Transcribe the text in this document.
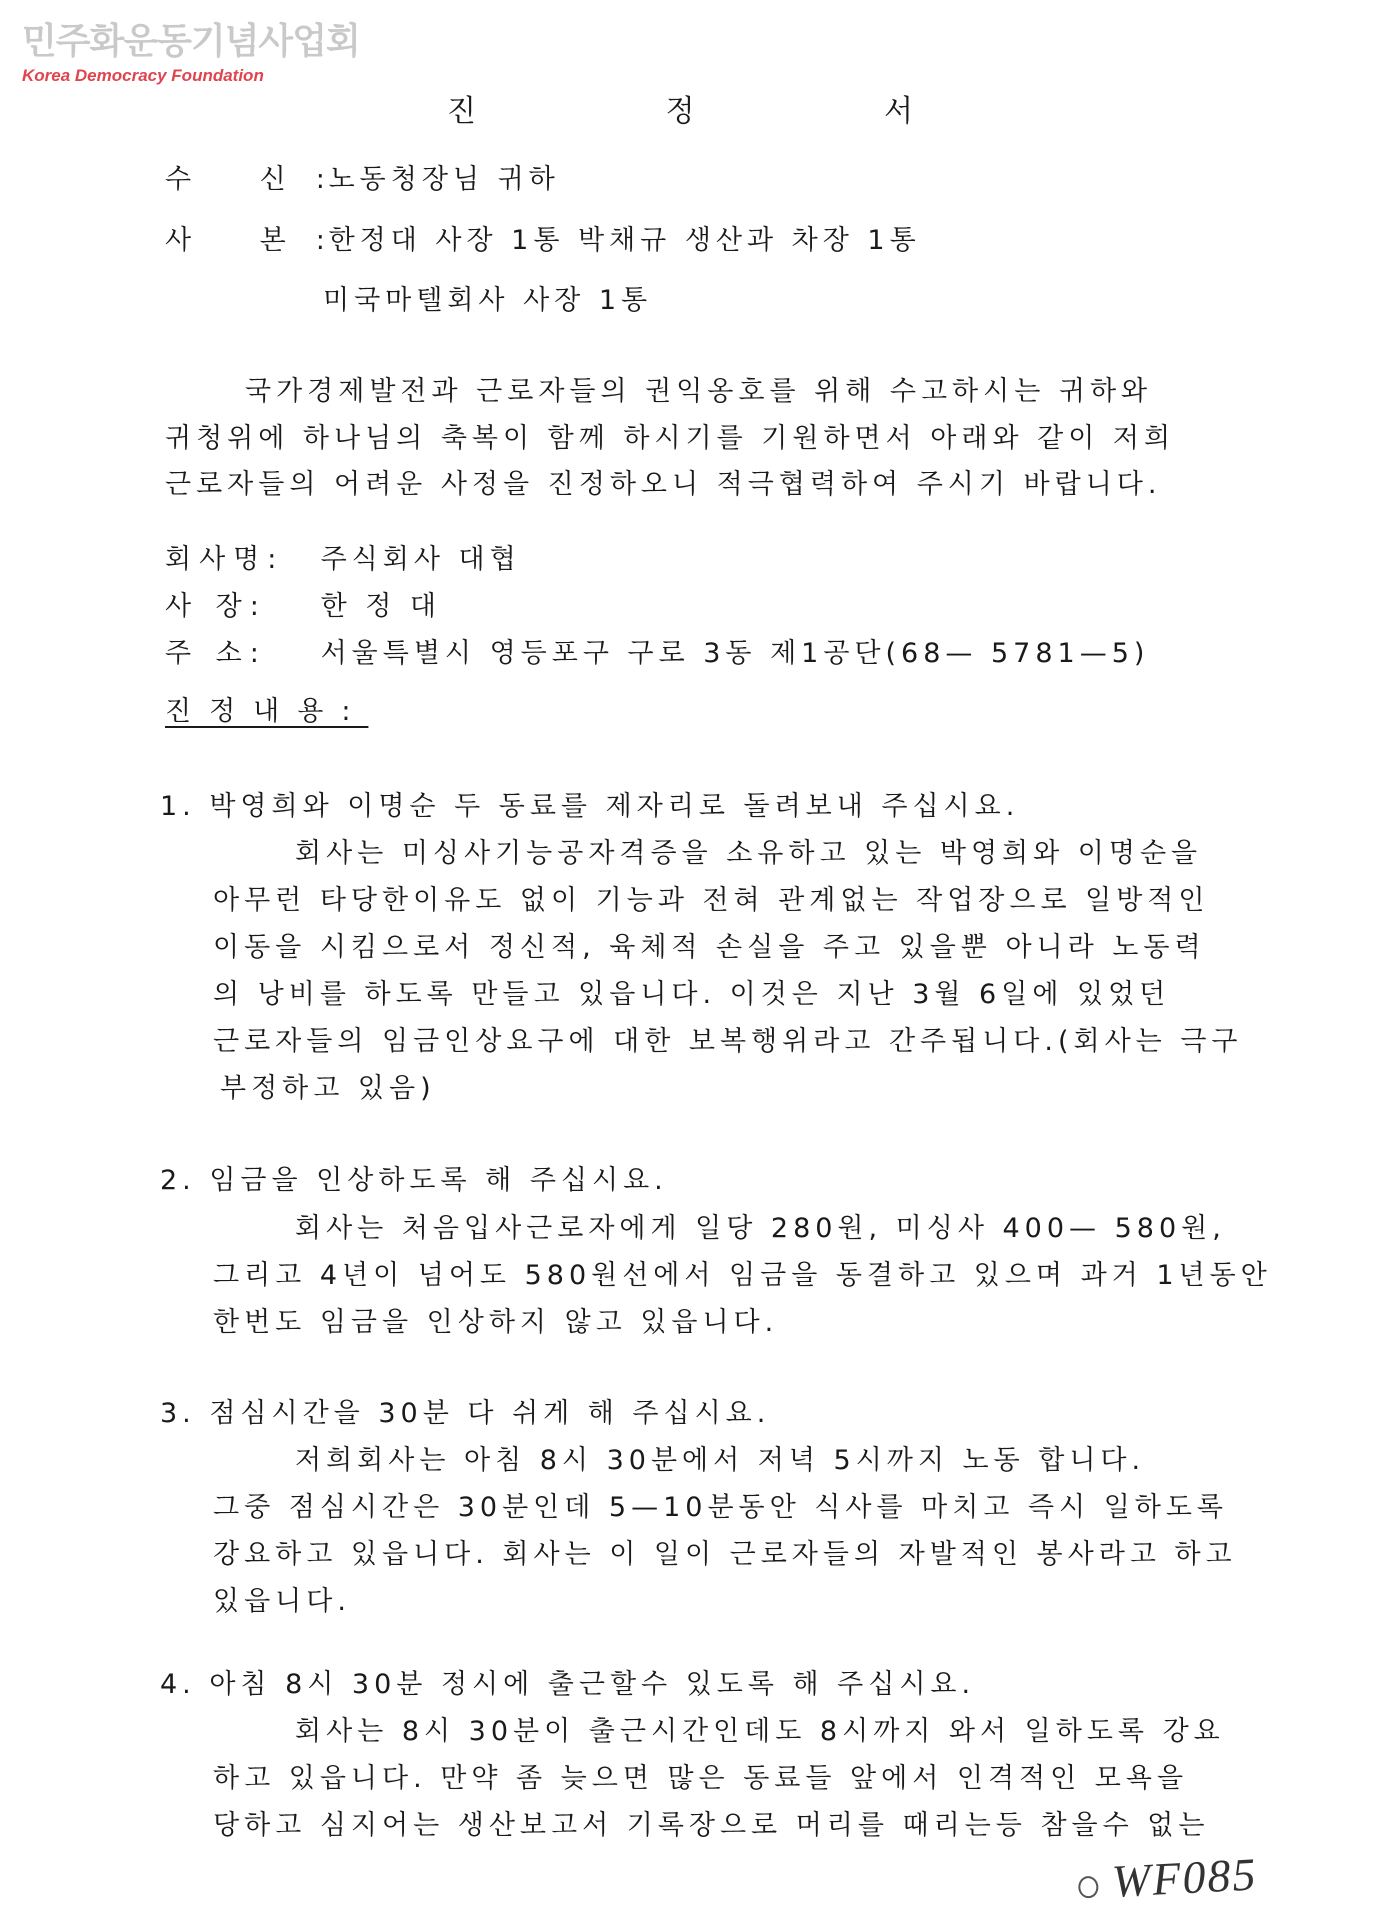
민주화운동기념사업회
Korea Democracy Foundation
진 정 서
수 신: 노동청장님 귀하
사 본: 한정대 사장 1통 박채규 생산과 차장 1통
미국마텔회사 사장 1통
국가경제발전과 근로자들의 권익옹호를 위해 수고하시는 귀하와
귀청위에 하나님의 축복이 함께 하시기를 기원하면서 아래와 같이 저희
근로자들의 어려운 사정을 진정하오니 적극협력하여 주시기 바랍니다.
회사명: 주식회사 대협
사 장: 한 정 대
주 소: 서울특별시 영등포구 구로 3동 제1공단(68— 5781—5)
진정내용:
1. 박영희와 이명순 두 동료를 제자리로 돌려보내 주십시요.
회사는 미싱사기능공자격증을 소유하고 있는 박영희와 이명순을
아무런 타당한이유도 없이 기능과 전혀 관계없는 작업장으로 일방적인
이동을 시킴으로서 정신적, 육체적 손실을 주고 있을뿐 아니라 노동력
의 낭비를 하도록 만들고 있읍니다. 이것은 지난 3월 6일에 있었던
근로자들의 임금인상요구에 대한 보복행위라고 간주됩니다.(회사는 극구
부정하고 있음)
2. 임금을 인상하도록 해 주십시요.
회사는 처음입사근로자에게 일당 280원, 미싱사 400— 580원,
그리고 4년이 넘어도 580원선에서 임금을 동결하고 있으며 과거 1년동안
한번도 임금을 인상하지 않고 있읍니다.
3. 점심시간을 30분 다 쉬게 해 주십시요.
저희회사는 아침 8시 30분에서 저녁 5시까지 노동 합니다.
그중 점심시간은 30분인데 5—10분동안 식사를 마치고 즉시 일하도록
강요하고 있읍니다. 회사는 이 일이 근로자들의 자발적인 봉사라고 하고
있읍니다.
4. 아침 8시 30분 정시에 출근할수 있도록 해 주십시요.
회사는 8시 30분이 출근시간인데도 8시까지 와서 일하도록 강요
하고 있읍니다. 만약 좀 늦으면 많은 동료들 앞에서 인격적인 모욕을
당하고 심지어는 생산보고서 기록장으로 머리를 때리는등 참을수 없는
WF085
